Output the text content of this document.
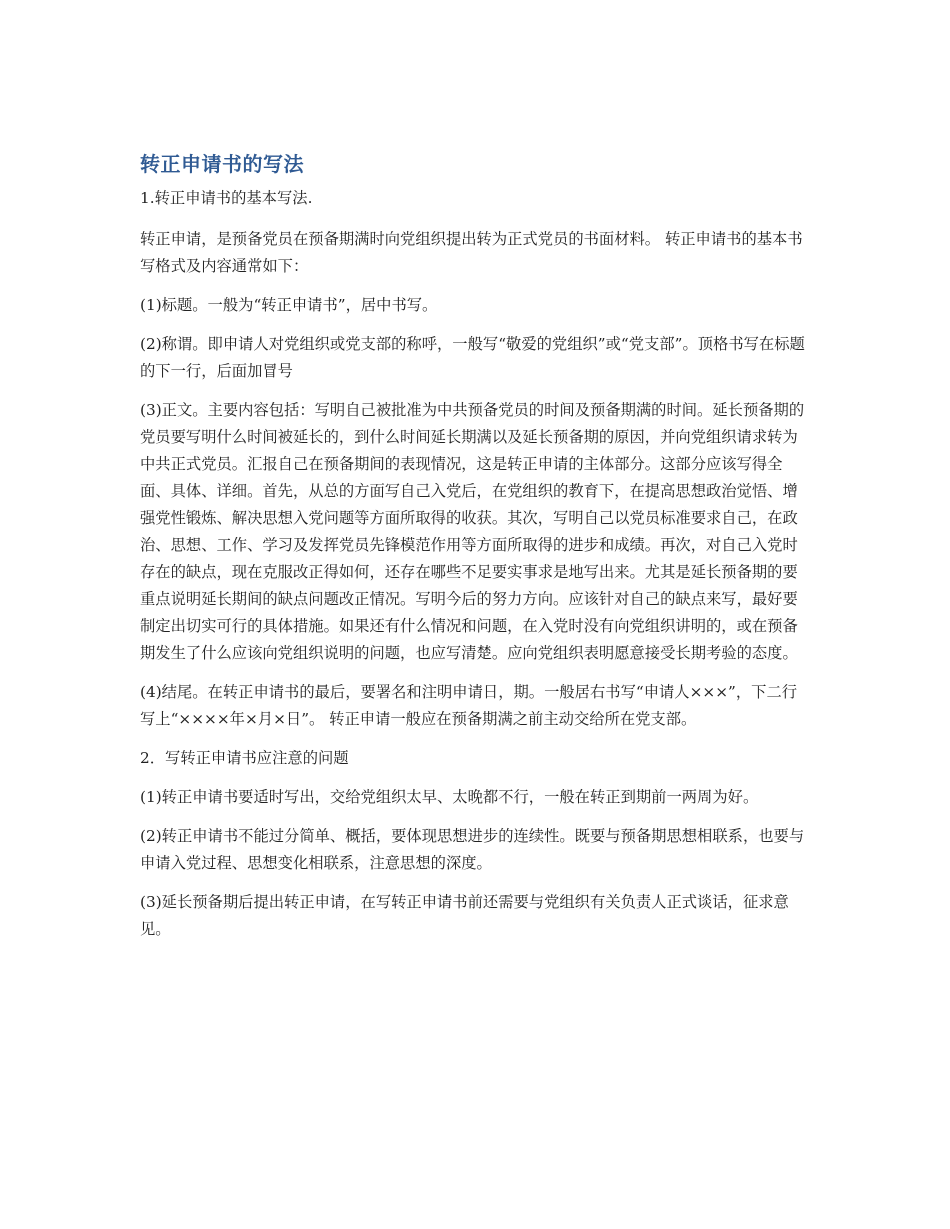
转正申请书的写法

1.转正申请书的基本写法.

转正申请，是预备党员在预备期满时向党组织提出转为正式党员的书面材料。 转正申请书的基本书写格式及内容通常如下：

(1)标题。一般为“转正申请书”，居中书写。

(2)称谓。即申请人对党组织或党支部的称呼，一般写“敬爱的党组织”或“党支部”。顶格书写在标题的下一行，后面加冒号

(3)正文。主要内容包括：写明自己被批准为中共预备党员的时间及预备期满的时间。延长预备期的党员要写明什么时间被延长的，到什么时间延长期满以及延长预备期的原因，并向党组织请求转为中共正式党员。汇报自己在预备期间的表现情况，这是转正申请的主体部分。这部分应该写得全面、具体、详细。首先，从总的方面写自己入党后，在党组织的教育下，在提高思想政治觉悟、增强党性锻炼、解决思想入党问题等方面所取得的收获。其次，写明自己以党员标准要求自己，在政治、思想、工作、学习及发挥党员先锋模范作用等方面所取得的进步和成绩。再次，对自己入党时存在的缺点，现在克服改正得如何，还存在哪些不足要实事求是地写出来。尤其是延长预备期的要重点说明延长期间的缺点问题改正情况。写明今后的努力方向。应该针对自己的缺点来写，最好要制定出切实可行的具体措施。如果还有什么情况和问题，在入党时没有向党组织讲明的，或在预备期发生了什么应该向党组织说明的问题，也应写清楚。应向党组织表明愿意接受长期考验的态度。

(4)结尾。在转正申请书的最后，要署名和注明申请日，期。一般居右书写“申请人×××”，下二行写上“××××年×月×日”。 转正申请一般应在预备期满之前主动交给所在党支部。

2．写转正申请书应注意的问题

(1)转正申请书要适时写出，交给党组织太早、太晚都不行，一般在转正到期前一两周为好。

(2)转正申请书不能过分简单、概括，要体现思想进步的连续性。既要与预备期思想相联系，也要与申请入党过程、思想变化相联系，注意思想的深度。

(3)延长预备期后提出转正申请，在写转正申请书前还需要与党组织有关负责人正式谈话，征求意见。
